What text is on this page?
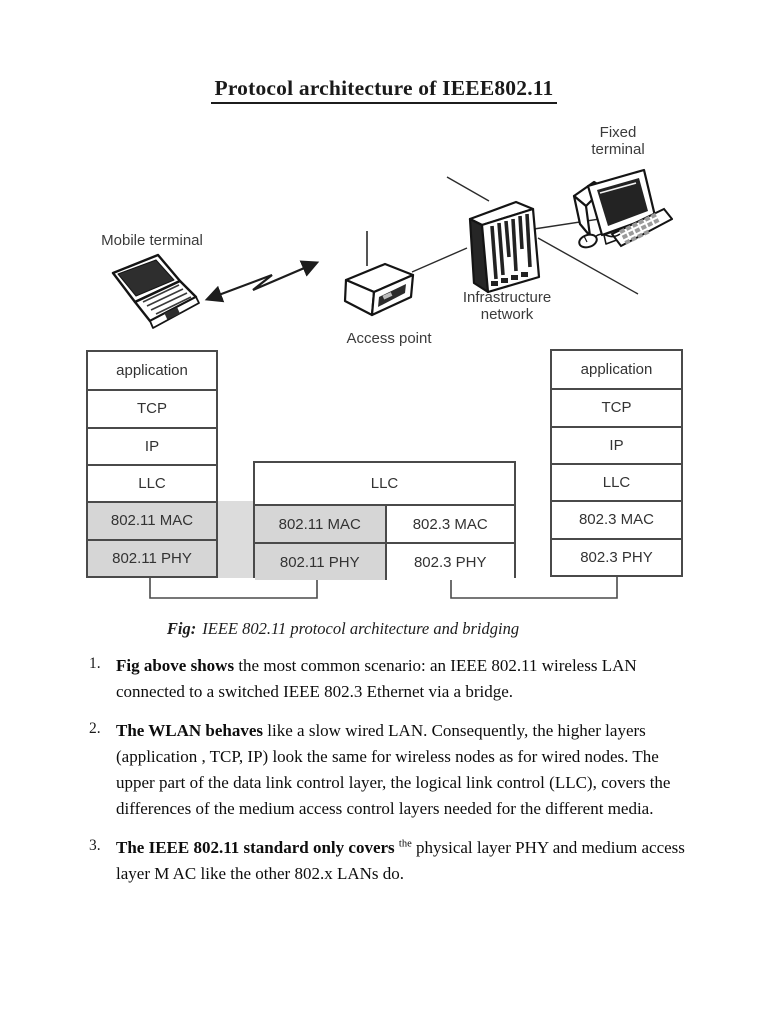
Protocol architecture of IEEE802.11
Mobile terminal
Access point
Infrastructure
network
Fixed
terminal
application
TCP
IP
LLC
802.11 MAC
802.11 PHY
LLC
802.11 MAC	802.3 MAC
802.11 PHY	802.3 PHY
application
TCP
IP
LLC
802.3 MAC
802.3 PHY
Fig: IEEE 802.11 protocol architecture and bridging
1. Fig above shows the most common scenario: an IEEE 802.11 wireless LAN connected to a switched IEEE 802.3 Ethernet via a bridge.
2. The WLAN behaves like a slow wired LAN. Consequently, the higher layers (application , TCP, IP) look the same for wireless nodes as for wired nodes. The upper part of the data link control layer, the logical link control (LLC), covers the differences of the medium access control layers needed for the different media.
3. The IEEE 802.11 standard only covers $^{the}$ physical layer PHY and medium access layer M AC like the other 802.x LANs do.
